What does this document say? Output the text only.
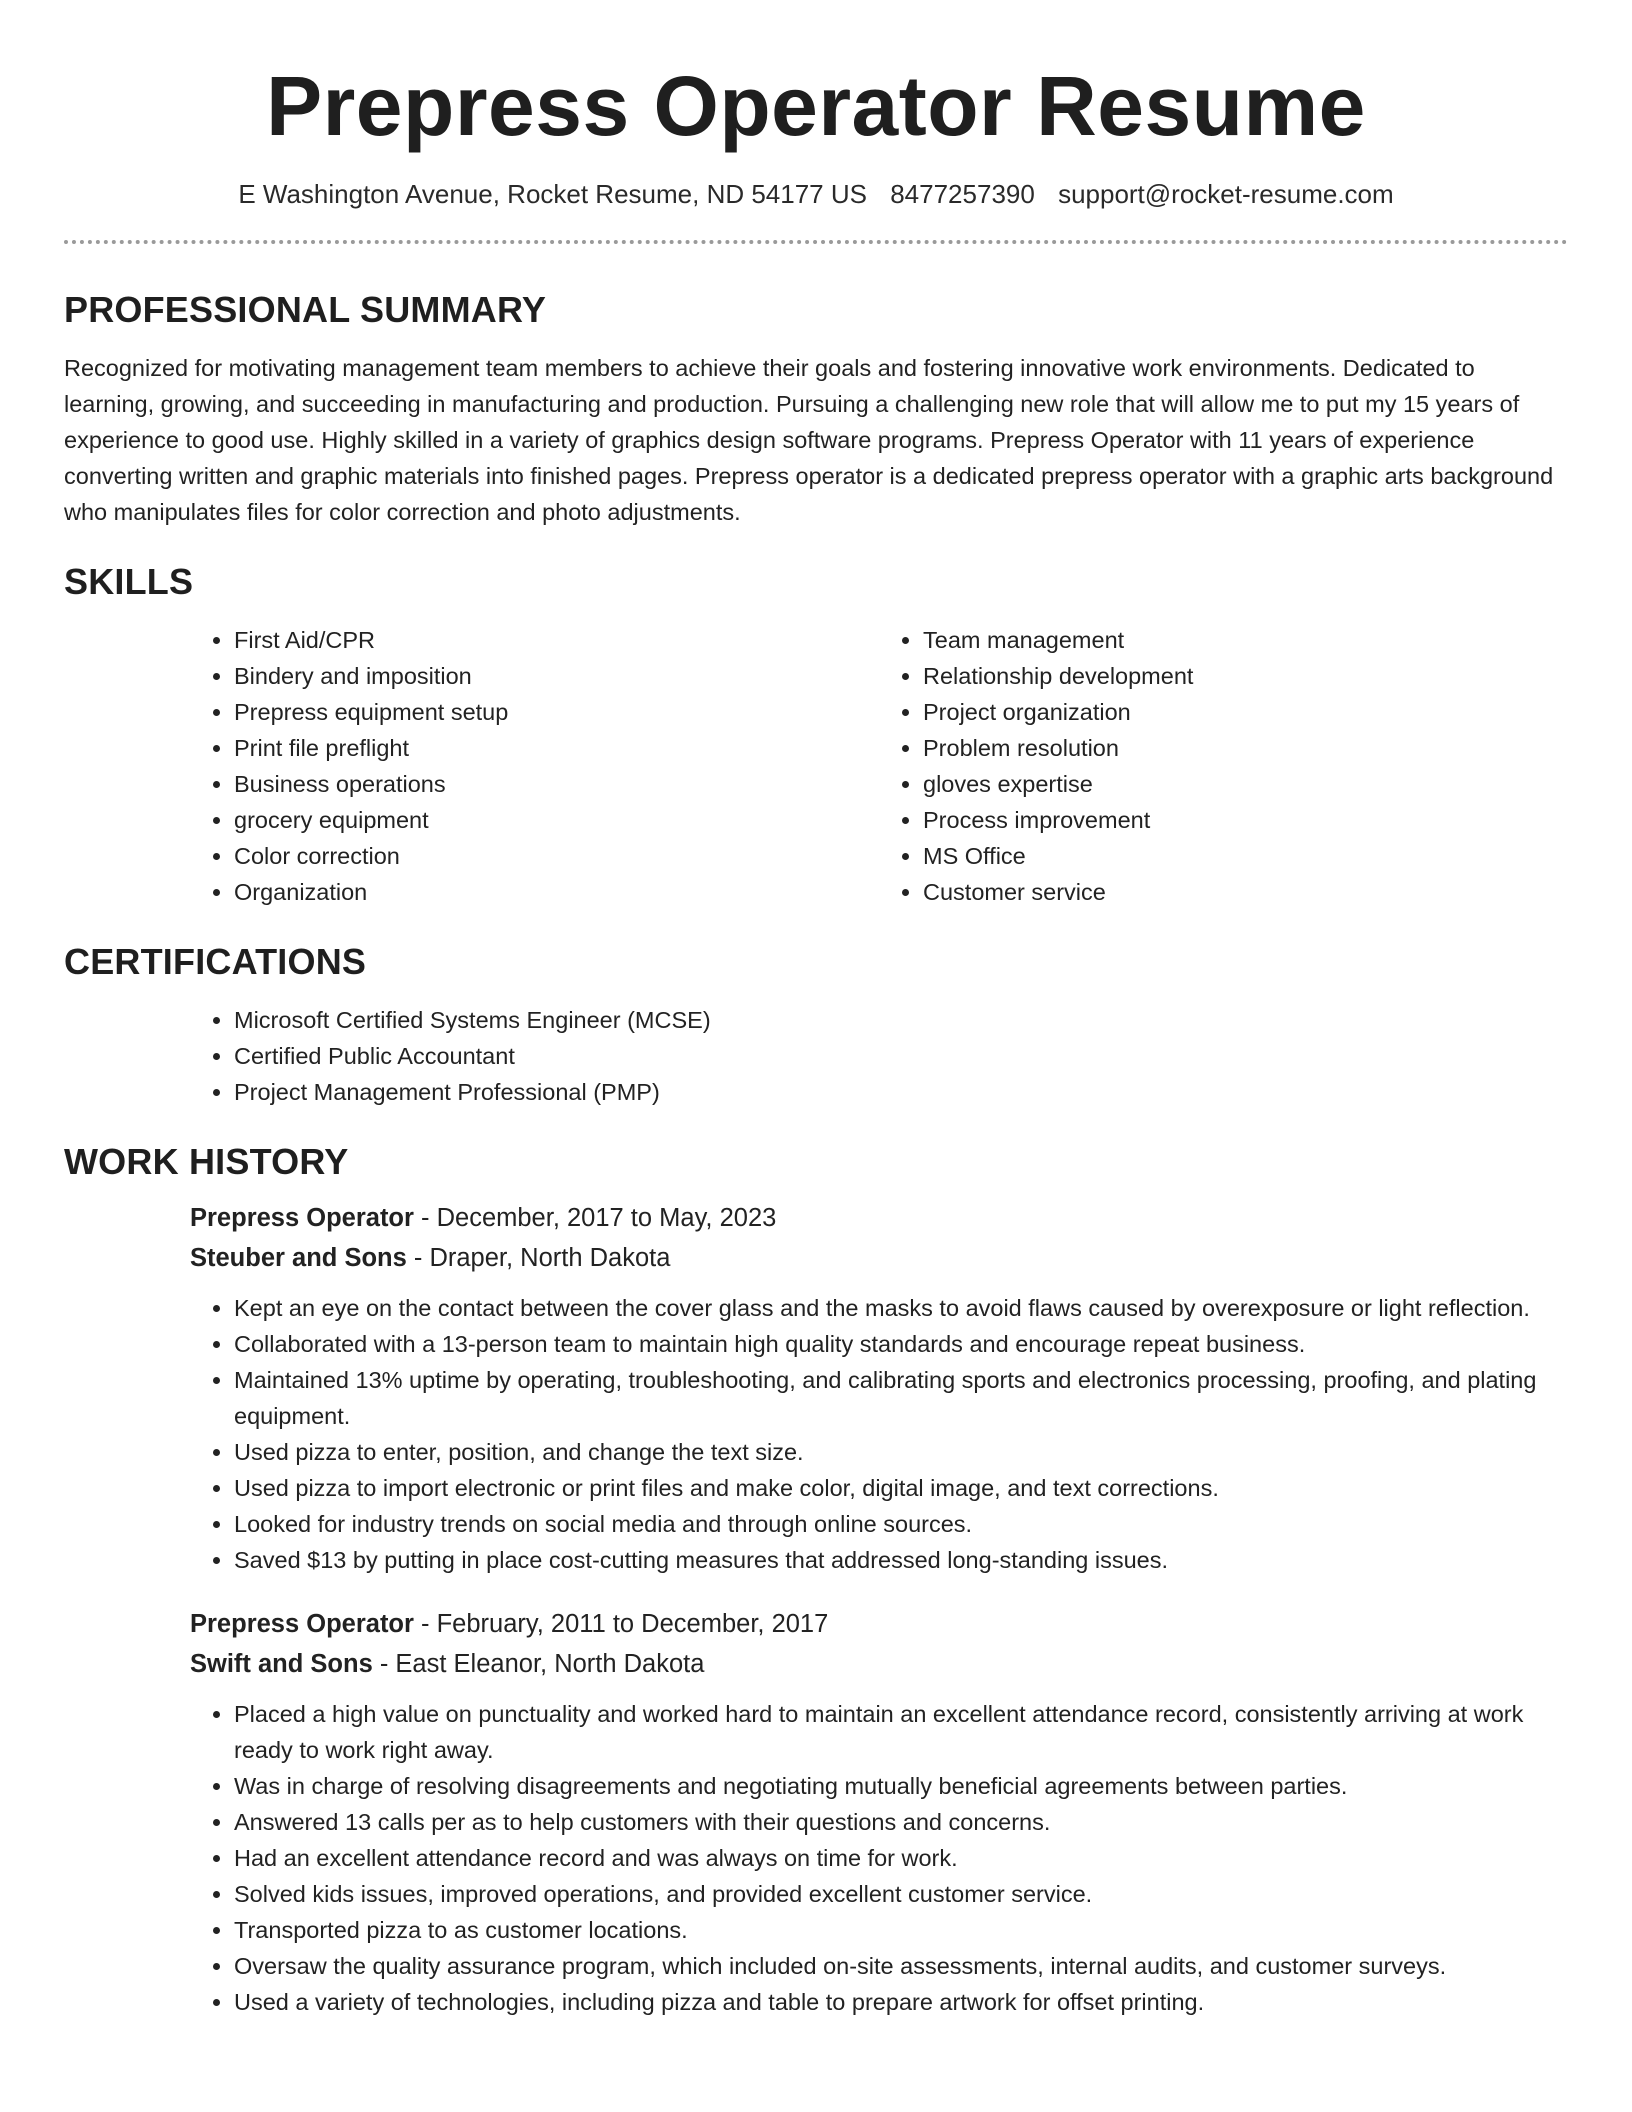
Prepress Operator Resume
E Washington Avenue, Rocket Resume, ND 54177 US 8477257390 support@rocket-resume.com
PROFESSIONAL SUMMARY

Recognized for motivating management team members to achieve their goals and fostering innovative work environments. Dedicated to learning, growing, and succeeding in manufacturing and production. Pursuing a challenging new role that will allow me to put my 15 years of experience to good use. Highly skilled in a variety of graphics design software programs. Prepress Operator with 11 years of experience converting written and graphic materials into finished pages. Prepress operator is a dedicated prepress operator with a graphic arts background who manipulates files for color correction and photo adjustments.

SKILLS
• First Aid/CPR
• Bindery and imposition
• Prepress equipment setup
• Print file preflight
• Business operations
• grocery equipment
• Color correction
• Organization
• Team management
• Relationship development
• Project organization
• Problem resolution
• gloves expertise
• Process improvement
• MS Office
• Customer service
CERTIFICATIONS
• Microsoft Certified Systems Engineer (MCSE)
• Certified Public Accountant
• Project Management Professional (PMP)
WORK HISTORY
Prepress Operator - December, 2017 to May, 2023
Steuber and Sons - Draper, North Dakota
• Kept an eye on the contact between the cover glass and the masks to avoid flaws caused by overexposure or light reflection.
• Collaborated with a 13-person team to maintain high quality standards and encourage repeat business.
• Maintained 13% uptime by operating, troubleshooting, and calibrating sports and electronics processing, proofing, and plating equipment.
• Used pizza to enter, position, and change the text size.
• Used pizza to import electronic or print files and make color, digital image, and text corrections.
• Looked for industry trends on social media and through online sources.
• Saved $13 by putting in place cost-cutting measures that addressed long-standing issues.
Prepress Operator - February, 2011 to December, 2017
Swift and Sons - East Eleanor, North Dakota
• Placed a high value on punctuality and worked hard to maintain an excellent attendance record, consistently arriving at work ready to work right away.
• Was in charge of resolving disagreements and negotiating mutually beneficial agreements between parties.
• Answered 13 calls per as to help customers with their questions and concerns.
• Had an excellent attendance record and was always on time for work.
• Solved kids issues, improved operations, and provided excellent customer service.
• Transported pizza to as customer locations.
• Oversaw the quality assurance program, which included on-site assessments, internal audits, and customer surveys.
• Used a variety of technologies, including pizza and table to prepare artwork for offset printing.
